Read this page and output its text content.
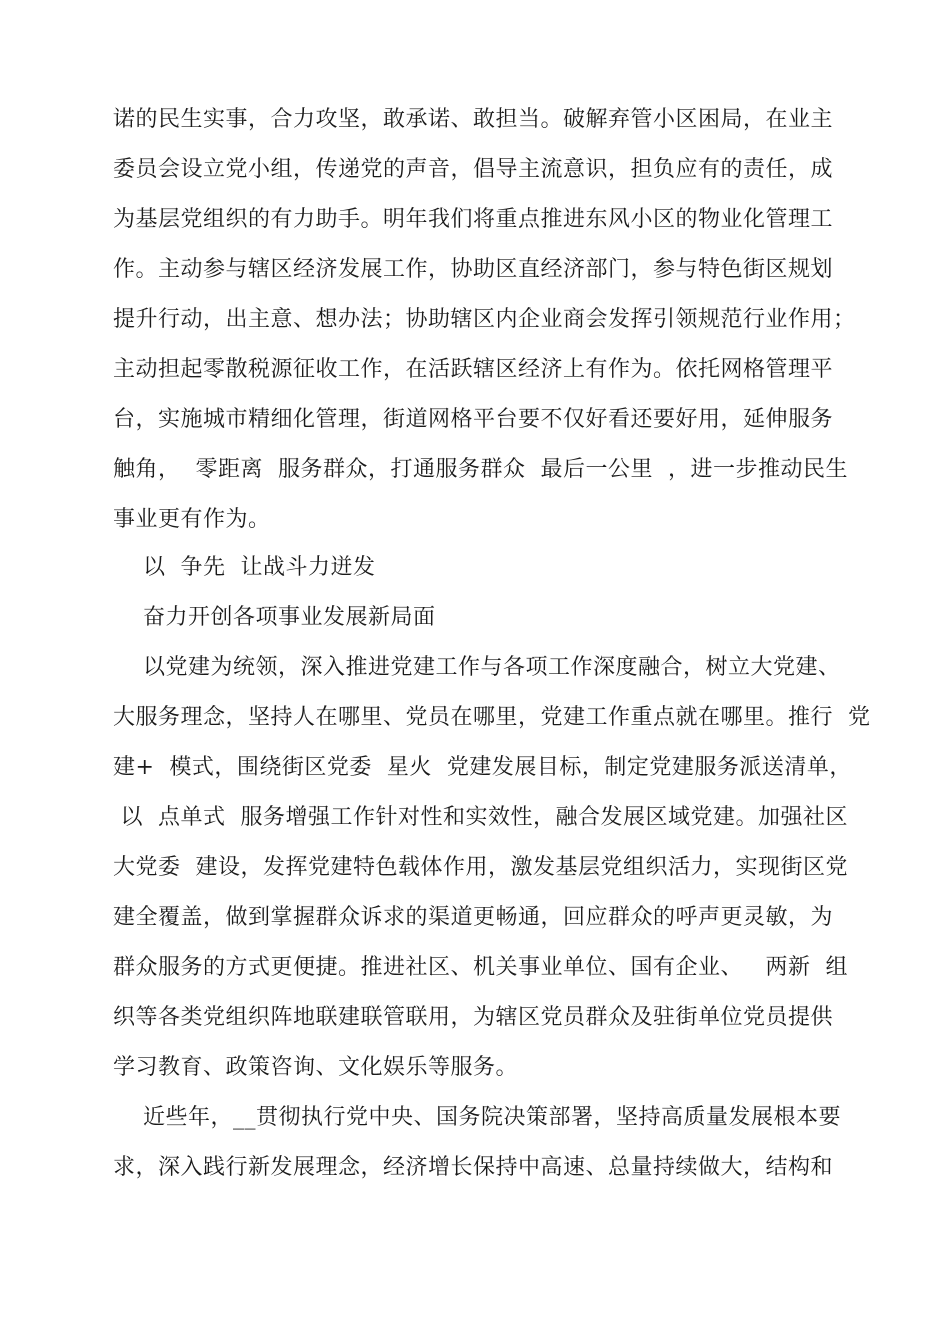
诺的民生实事，合力攻坚，敢承诺、敢担当。破解弃管小区困局，在业主
委员会设立党小组，传递党的声音，倡导主流意识，担负应有的责任，成
为基层党组织的有力助手。明年我们将重点推进东风小区的物业化管理工
作。主动参与辖区经济发展工作，协助区直经济部门，参与特色街区规划
提升行动，出主意、想办法；协助辖区内企业商会发挥引领规范行业作用；
主动担起零散税源征收工作，在活跃辖区经济上有作为。依托网格管理平
台，实施城市精细化管理，街道网格平台要不仅好看还要好用，延伸服务
触角，  零距离  服务群众，打通服务群众  最后一公里  ，进一步推动民生
事业更有作为。
以  争先  让战斗力迸发
奋力开创各项事业发展新局面
以党建为统领，深入推进党建工作与各项工作深度融合，树立大党建、
大服务理念，坚持人在哪里、党员在哪里，党建工作重点就在哪里。推行  党
建+  模式，围绕街区党委  星火  党建发展目标，制定党建服务派送清单，
以  点单式  服务增强工作针对性和实效性，融合发展区域党建。加强社区
大党委  建设，发挥党建特色载体作用，激发基层党组织活力，实现街区党
建全覆盖，做到掌握群众诉求的渠道更畅通，回应群众的呼声更灵敏，为
群众服务的方式更便捷。推进社区、机关事业单位、国有企业、   两新  组
织等各类党组织阵地联建联管联用，为辖区党员群众及驻街单位党员提供
学习教育、政策咨询、文化娱乐等服务。
近些年，__贯彻执行党中央、国务院决策部署，坚持高质量发展根本要
求，深入践行新发展理念，经济增长保持中高速、总量持续做大，结构和
